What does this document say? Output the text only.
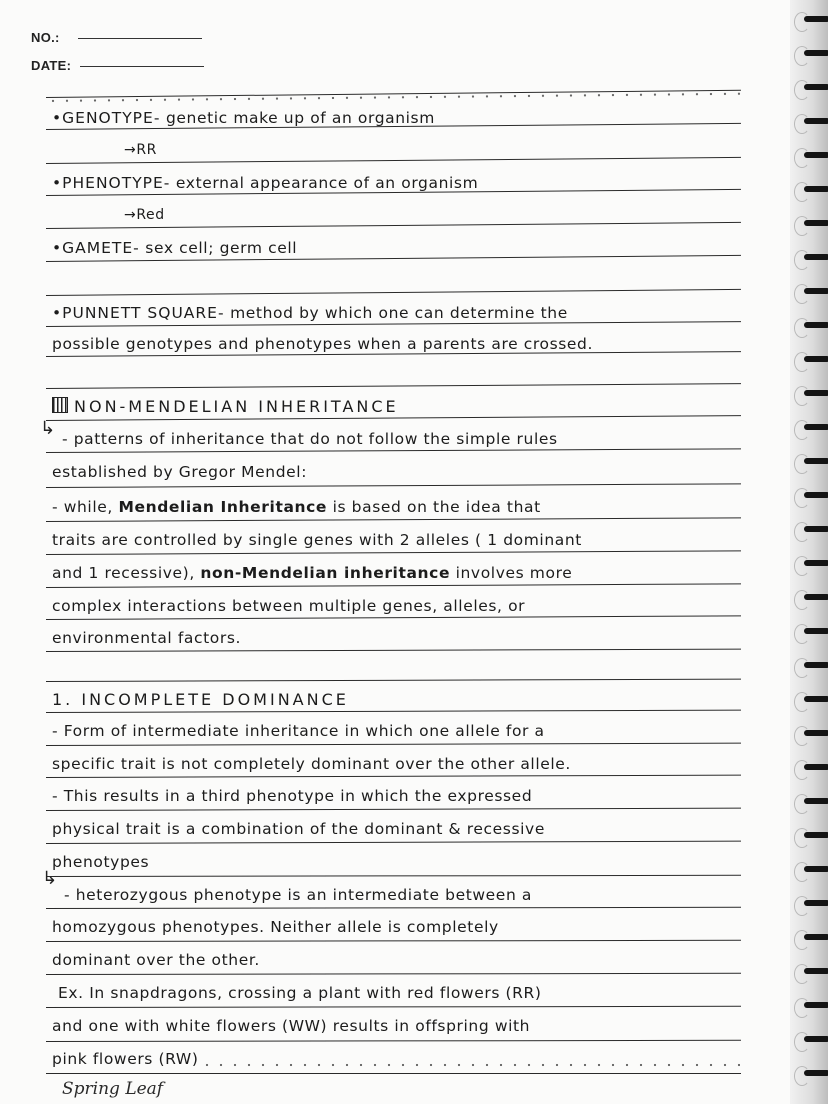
NO.:
DATE:
•GENOTYPE- genetic make up of an organism
→RR
•PHENOTYPE- external appearance of an organism
→Red
•GAMETE- sex cell; germ cell
•PUNNETT SQUARE- method by which one can determine the
possible genotypes and phenotypes when a parents are crossed.
NON-MENDELIAN INHERITANCE
↳ - patterns of inheritance that do not follow the simple rules
established by Gregor Mendel:
- while, Mendelian Inheritance is based on the idea that
traits are controlled by single genes with 2 alleles ( 1 dominant
and 1 recessive), non-Mendelian inheritance involves more
complex interactions between multiple genes, alleles, or
environmental factors.
1. INCOMPLETE DOMINANCE
- Form of intermediate inheritance in which one allele for a
specific trait is not completely dominant over the other allele.
- This results in a third phenotype in which the expressed
physical trait is a combination of the dominant & recessive
phenotypes
↳
- heterozygous phenotype is an intermediate between a
homozygous phenotypes. Neither allele is completely
dominant over the other.
Ex. In snapdragons, crossing a plant with red flowers (RR)
and one with white flowers (WW) results in offspring with
pink flowers (RW)
Spring Leaf
